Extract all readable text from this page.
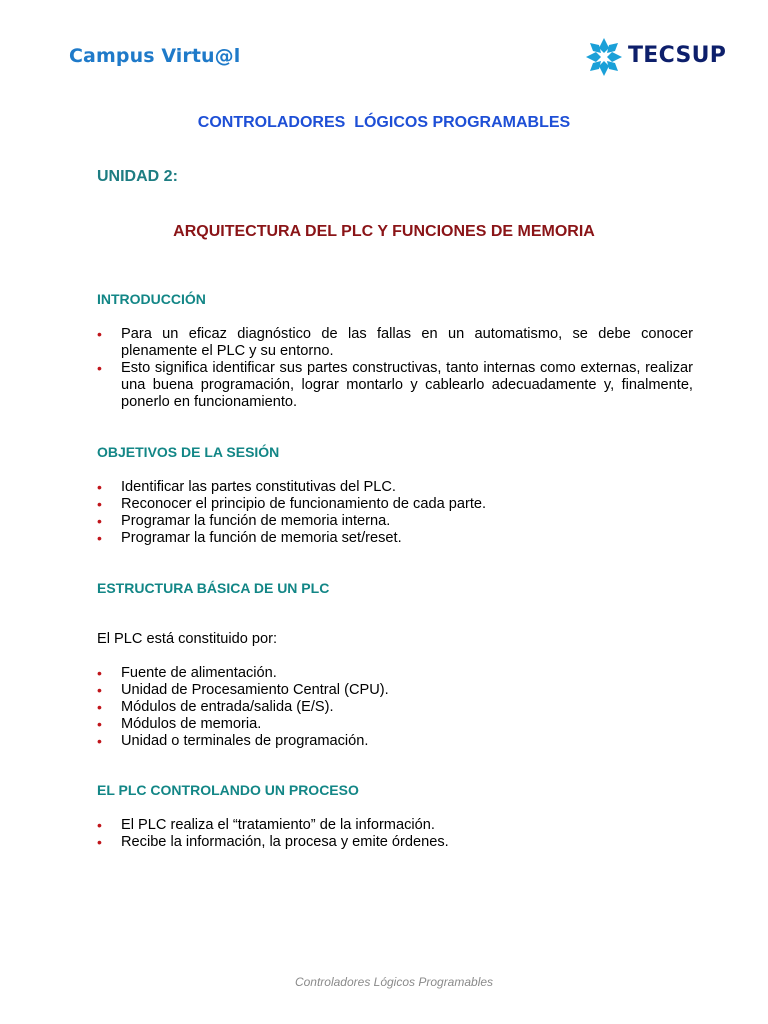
Campus Virtu@l	TECSUP
CONTROLADORES  LÓGICOS PROGRAMABLES
UNIDAD 2:
ARQUITECTURA DEL PLC Y FUNCIONES DE MEMORIA
INTRODUCCIÓN
• Para un eficaz diagnóstico de las fallas en un automatismo, se debe conocer plenamente el PLC y su entorno.
• Esto significa identificar sus partes constructivas, tanto internas como externas, realizar una buena programación, lograr montarlo y cablearlo adecuadamente y, finalmente, ponerlo en funcionamiento.
OBJETIVOS DE LA SESIÓN
• Identificar las partes constitutivas del PLC.
• Reconocer el principio de funcionamiento de cada parte.
• Programar la función de memoria interna.
• Programar la función de memoria set/reset.
ESTRUCTURA BÁSICA DE UN PLC
El PLC está constituido por:
• Fuente de alimentación.
• Unidad de Procesamiento Central (CPU).
• Módulos de entrada/salida (E/S).
• Módulos de memoria.
• Unidad o terminales de programación.
EL PLC CONTROLANDO UN PROCESO
• El PLC realiza el “tratamiento” de la información.
• Recibe la información, la procesa y emite órdenes.
Controladores Lógicos Programables
